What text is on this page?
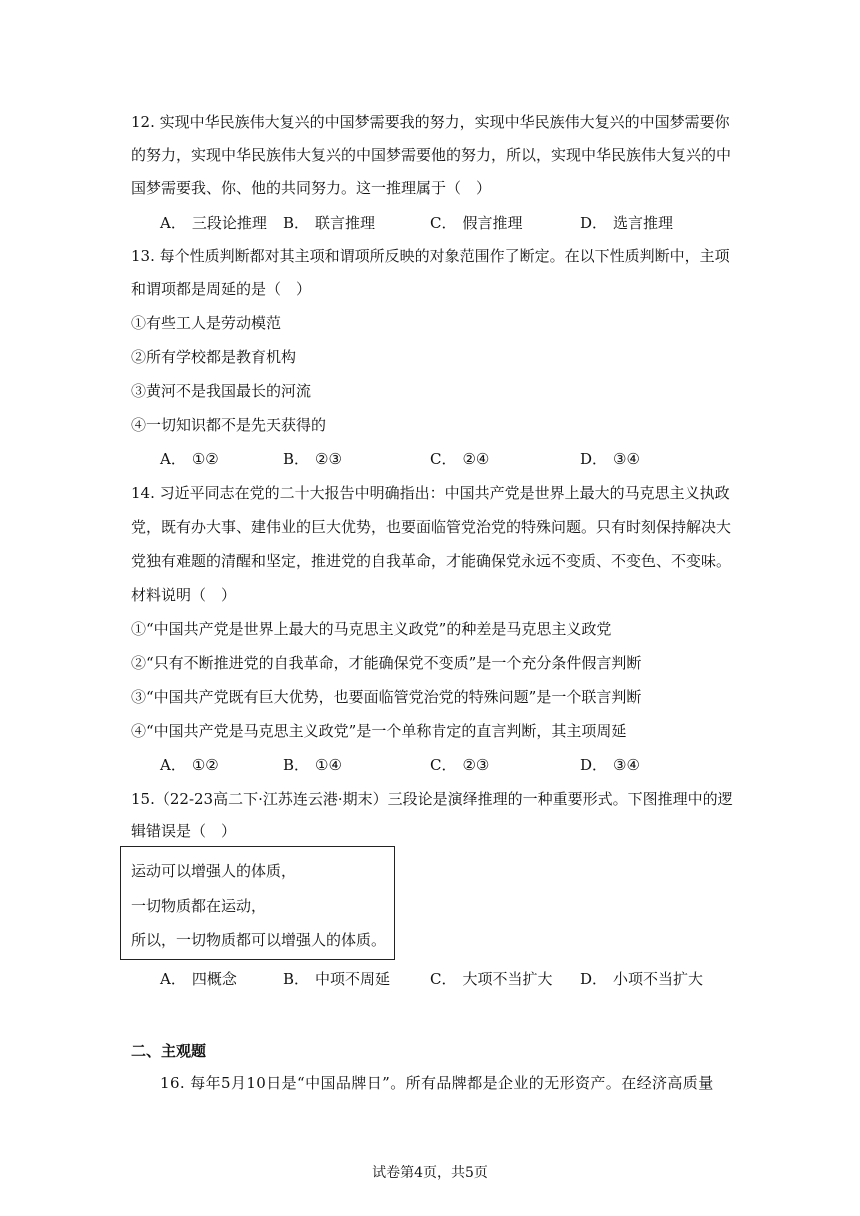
12. 实现中华民族伟大复兴的中国梦需要我的努力，实现中华民族伟大复兴的中国梦需要你
的努力，实现中华民族伟大复兴的中国梦需要他的努力，所以，实现中华民族伟大复兴的中
国梦需要我、你、他的共同努力。这一推理属于（　）
A． 三段论推理 B． 联言推理	C． 假言推理	D． 选言推理
13. 每个性质判断都对其主项和谓项所反映的对象范围作了断定。在以下性质判断中，主项
和谓项都是周延的是（　）
①有些工人是劳动模范
②所有学校都是教育机构
③黄河不是我国最长的河流
④一切知识都不是先天获得的
A． ①②	B． ②③	C． ②④	D． ③④
14. 习近平同志在党的二十大报告中明确指出：中国共产党是世界上最大的马克思主义执政
党，既有办大事、建伟业的巨大优势，也要面临管党治党的特殊问题。只有时刻保持解决大
党独有难题的清醒和坚定，推进党的自我革命，才能确保党永远不变质、不变色、不变味。
材料说明（　）
①“中国共产党是世界上最大的马克思主义政党”的种差是马克思主义政党
②“只有不断推进党的自我革命，才能确保党不变质”是一个充分条件假言判断
③“中国共产党既有巨大优势，也要面临管党治党的特殊问题”是一个联言判断
④“中国共产党是马克思主义政党”是一个单称肯定的直言判断，其主项周延
A． ①②	B． ①④	C． ②③	D． ③④
15.（22-23高二下·江苏连云港·期末）三段论是演绎推理的一种重要形式。下图推理中的逻
辑错误是（　）
运动可以增强人的体质，
一切物质都在运动，
所以，一切物质都可以增强人的体质。
A． 四概念	B． 中项不周延	C． 大项不当扩大 D． 小项不当扩大
二、主观题
16. 每年5月10日是“中国品牌日”。所有品牌都是企业的无形资产。在经济高质量
试卷第4页，共5页
